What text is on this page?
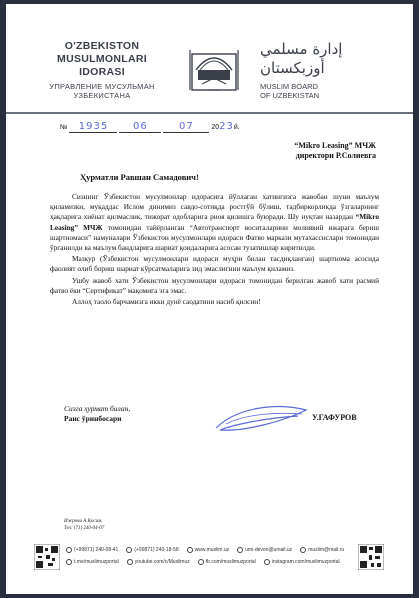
O'ZBEKISTON
MUSULMONLARI
IDORASI
УПРАВЛЕНИЕ МУСУЛЬМАН
УЗБЕКИСТАНА
إدارة مسلمي
أوزبكستان
MUSLIM BOARD
OF UZBEKISTAN
№ 1935 06	07	2023й.
“Mikro Leasing” МЧЖ
директори Р.Солиевга
Ҳурматли Равшан Самадович!

Сизнинг Ўзбекистон мусулмонлар идорасига йўллаган хатингизга жавобан шуни маълум қиламизки, муқаддас Ислом динимиз савдо-сотиқда ростгўй бўлиш, тадбиркорликда ўзгаларнинг ҳақларига хиёнат қилмаслик, тижорат одобларига риоя қилишга буюради. Шу нуқтаи назардан “Mikro Leasing” МЧЖ томонидан тайёрланган “Автотранспорт воситаларини молиявий ижарага бериш шартномаси” намуналари Ўзбекистон мусулмонлари идораси Фатво маркази мутахассислари томонидан ўрганилди ва маълум бандларига шариат қоидаларига асосан тузатишлар киритилди.

Мазкур (Ўзбекистон мусулмонлари идораси муҳри билан тасдиқланган) шартнома асосида фаолият олиб бориш шариат кўрсатмаларига зид эмаслигини маълум қиламиз.

Ушбу жавоб хати Ўзбекистон мусулмонлари идораси томонидан берилган жавоб хати расмий фатво ёки “Сертификат” мақомига эга эмас.

Аллоҳ таоло барчамизга икки дунё саодатини насиб қилсин!

Сизга ҳурмат билан,
Раис ўринбосари	У.ГАФУРОВ
Ижрочи А.Қосим.
Тел: (71) 240-04-07
(+99871) 240-08-41	(+99871) 240-18-58	www.muslim.uz	umi-devon@umail.uz	muslim@mail.ru
t.me/muslimuzportal	youtube.com/c/Muslimuz	fb.com/muslimuzportal	instagram.com/muslimuzportal
